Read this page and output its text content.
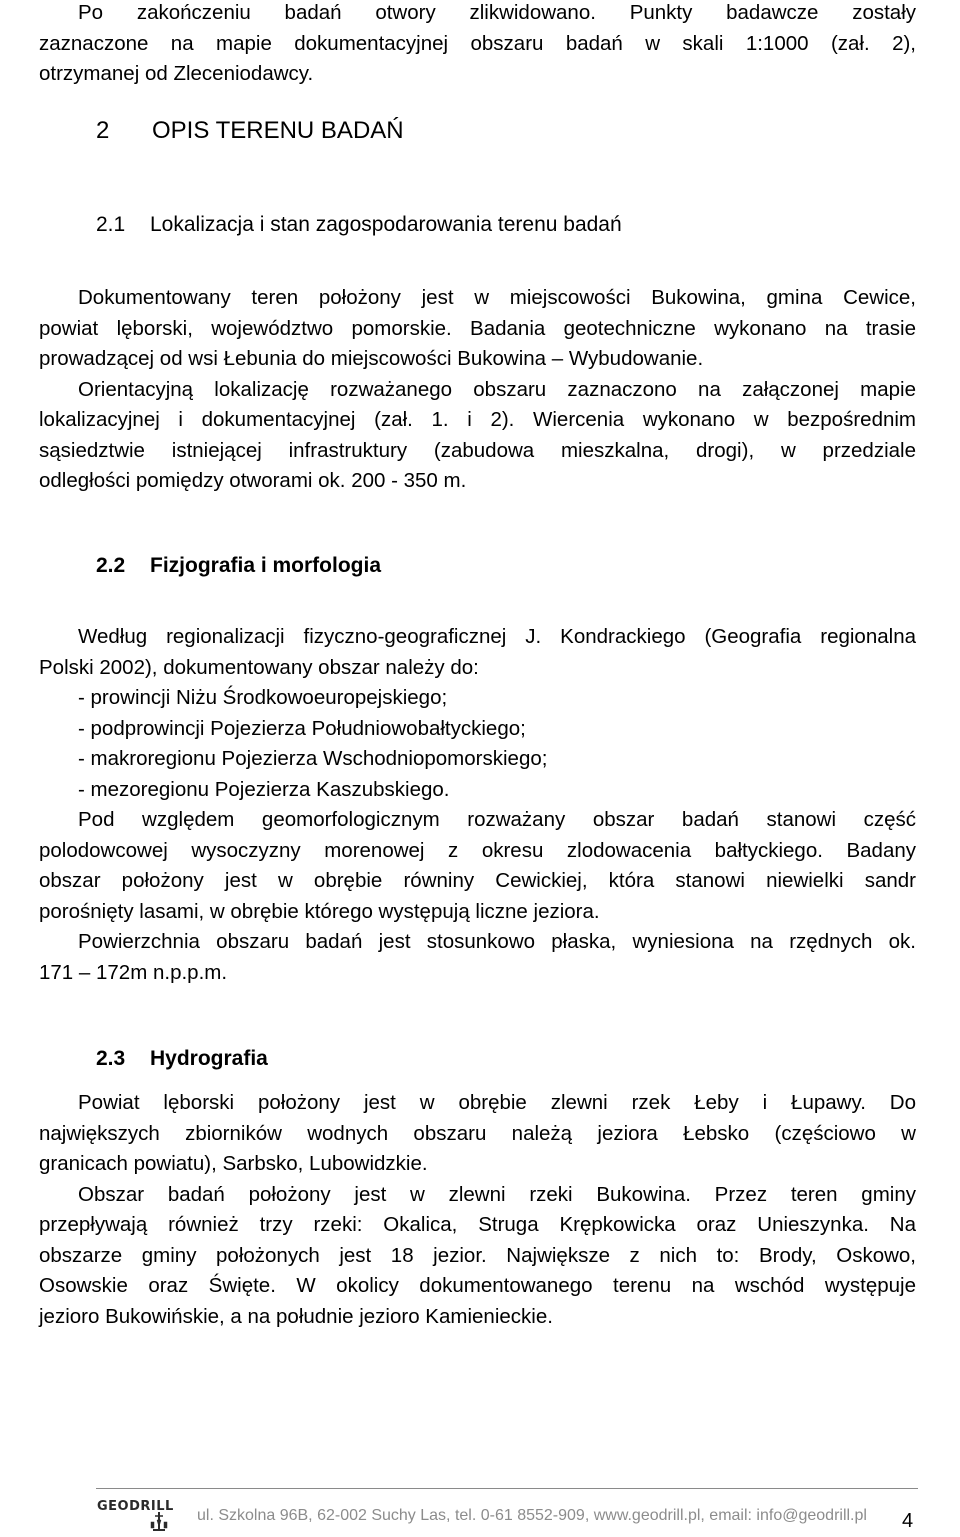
Po zakończeniu badań otwory zlikwidowano. Punkty badawcze zostały

zaznaczone na mapie dokumentacyjnej obszaru badań w skali 1:1000 (zał. 2),

otrzymanej od Zleceniodawcy.

2 OPIS TERENU BADAŃ
2.1 Lokalizacja i stan zagospodarowania terenu badań

Dokumentowany teren położony jest w miejscowości Bukowina, gmina Cewice,

powiat lęborski, województwo pomorskie. Badania geotechniczne wykonano na trasie

prowadzącej od wsi Łebunia do miejscowości Bukowina – Wybudowanie.

Orientacyjną lokalizację rozważanego obszaru zaznaczono na załączonej mapie

lokalizacyjnej i dokumentacyjnej (zał. 1. i 2). Wiercenia wykonano w bezpośrednim

sąsiedztwie istniejącej infrastruktury (zabudowa mieszkalna, drogi), w przedziale

odległości pomiędzy otworami ok. 200 - 350 m.

2.2 Fizjografia i morfologia

Według regionalizacji fizyczno-geograficznej J. Kondrackiego (Geografia regionalna

Polski 2002), dokumentowany obszar należy do:

- prowincji Niżu Środkowoeuropejskiego;

- podprowincji Pojezierza Południowobałtyckiego;

- makroregionu Pojezierza Wschodniopomorskiego;

- mezoregionu Pojezierza Kaszubskiego.

Pod względem geomorfologicznym rozważany obszar badań stanowi część

polodowcowej wysoczyzny morenowej z okresu zlodowacenia bałtyckiego. Badany

obszar położony jest w obrębie równiny Cewickiej, która stanowi niewielki sandr

porośnięty lasami, w obrębie którego występują liczne jeziora.

Powierzchnia obszaru badań jest stosunkowo płaska, wyniesiona na rzędnych ok.

171 – 172m n.p.p.m.

2.3 Hydrografia

Powiat lęborski położony jest w obrębie zlewni rzek Łeby i Łupawy. Do

największych zbiorników wodnych obszaru należą jeziora Łebsko (częściowo w

granicach powiatu), Sarbsko, Lubowidzkie.

Obszar badań położony jest w zlewni rzeki Bukowina. Przez teren gminy

przepływają również trzy rzeki: Okalica, Struga Krępkowicka oraz Unieszynka. Na

obszarze gminy położonych jest 18 jezior. Największe z nich to: Brody, Oskowo,

Osowskie oraz Święte. W okolicy dokumentowanego terenu na wschód występuje

jezioro Bukowińskie, a na południe jezioro Kamienieckie.

GEODRILL
ul. Szkolna 96B, 62-002 Suchy Las, tel. 0-61 8552-909, www.geodrill.pl, email: info@geodrill.pl 4
